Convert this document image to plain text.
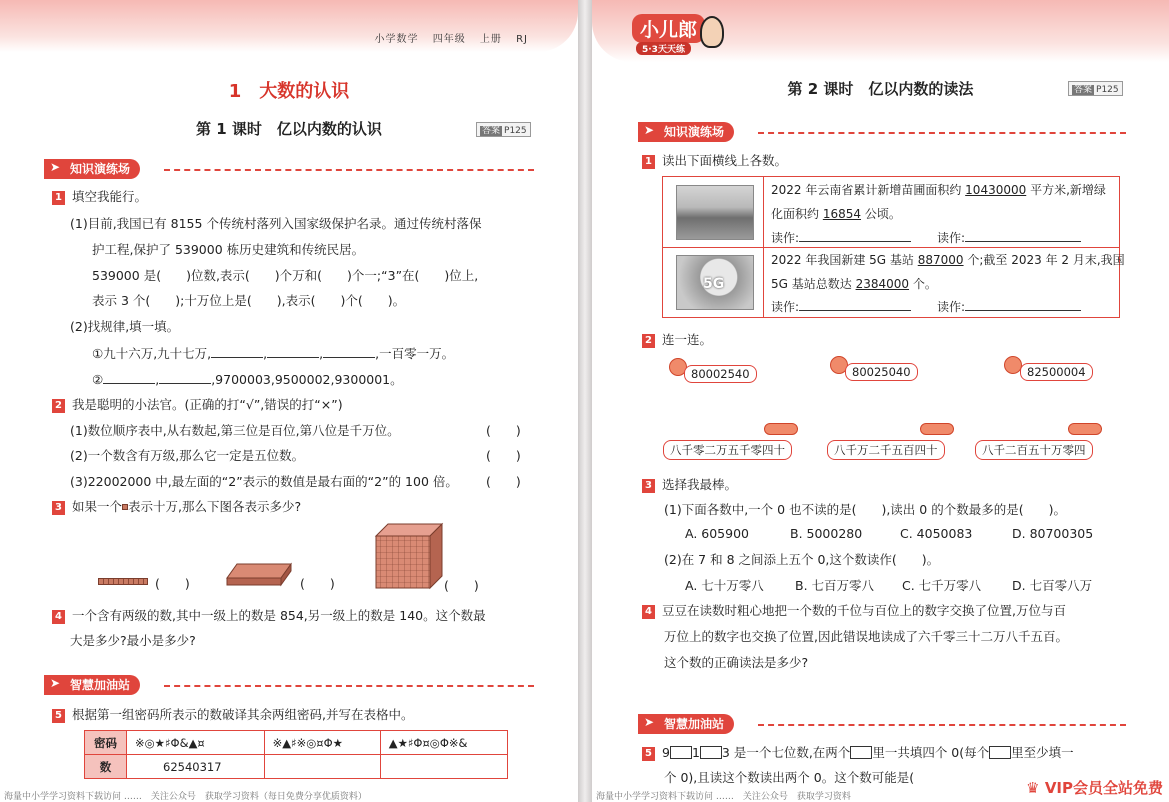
小学数学 四年级 上册 RJ
1　大数的认识
第 1 课时　亿以内数的认识	答案 P125
➤ 知识演练场
1 填空我能行。
(1)目前,我国已有 8155 个传统村落列入国家级保护名录。通过传统村落保
护工程,保护了 539000 栋历史建筑和传统民居。
539000 是(　　)位数,表示(　　)个万和(　　)个一;“3”在(　　)位上,
表示 3 个(　　);十万位上是(　　),表示(　　)个(　　)。
(2)找规律,填一填。
①九十六万,九十七万,	,	,	,一百零一万。
②	,	,9700003,9500002,9300001。
2 我是聪明的小法官。(正确的打“√”,错误的打“×”)
(1)数位顺序表中,从右数起,第三位是百位,第八位是千万位。	(　　)
(2)一个数含有万级,那么它一定是五位数。	(　　)
(3)22002000 中,最左面的“2”表示的数值是最右面的“2”的 100 倍。 (　　)
3 如果一个 表示十万,那么下图各表示多少?
(　　)	(　　)	(　　)
4 一个含有两级的数,其中一级上的数是 854,另一级上的数是 140。这个数最
大是多少?最小是多少?
➤ 智慧加油站
5 根据第一组密码所表示的数破译其余两组密码,并写在表格中。
密码	※◎★♯Φ&▲¤	※▲♯※◎¤Φ★	▲★♯Φ¤◎Φ※&
数	62540317		
海量中小学学习资料下载访问 ……　关注公众号　获取学习资料（每日免费分享优质资料）
小儿郎
5·3天天练
第 2 课时　亿以内数的读法	答案 P125
➤ 知识演练场
1 读出下面横线上各数。
5G
2022 年云南省累计新增苗圃面积约 10430000 平方米,新增绿
化面积约 16854 公顷。
读作:	读作:
2022 年我国新建 5G 基站 887000 个;截至 2023 年 2 月末,我国
5G 基站总数达 2384000 个。
读作:	读作:
2 连一连。
80002540	80025040	82500004
八千零二万五千零四十	八千万二千五百四十	八千二百五十万零四
3 选择我最棒。
(1)下面各数中,一个 0 也不读的是(　　),读出 0 的个数最多的是(　　)。
A. 605900	B. 5000280	C. 4050083	D. 80700305
(2)在 7 和 8 之间添上五个 0,这个数读作(　　)。
A. 七十万零八 B. 七百万零八 C. 七千万零八 D. 七百零八万
4 豆豆在读数时粗心地把一个数的千位与百位上的数字交换了位置,万位与百
万位上的数字也交换了位置,因此错误地读成了六千零三十二万八千五百。
这个数的正确读法是多少?
➤ 智慧加油站
5 9 1 3 是一个七位数,在两个 里一共填四个 0(每个 里至少填一
个 0),且读这个数读出两个 0。这个数可能是(
海量中小学学习资料下载访问 ……　关注公众号　获取学习资料	♛ VIP会员全站免费
